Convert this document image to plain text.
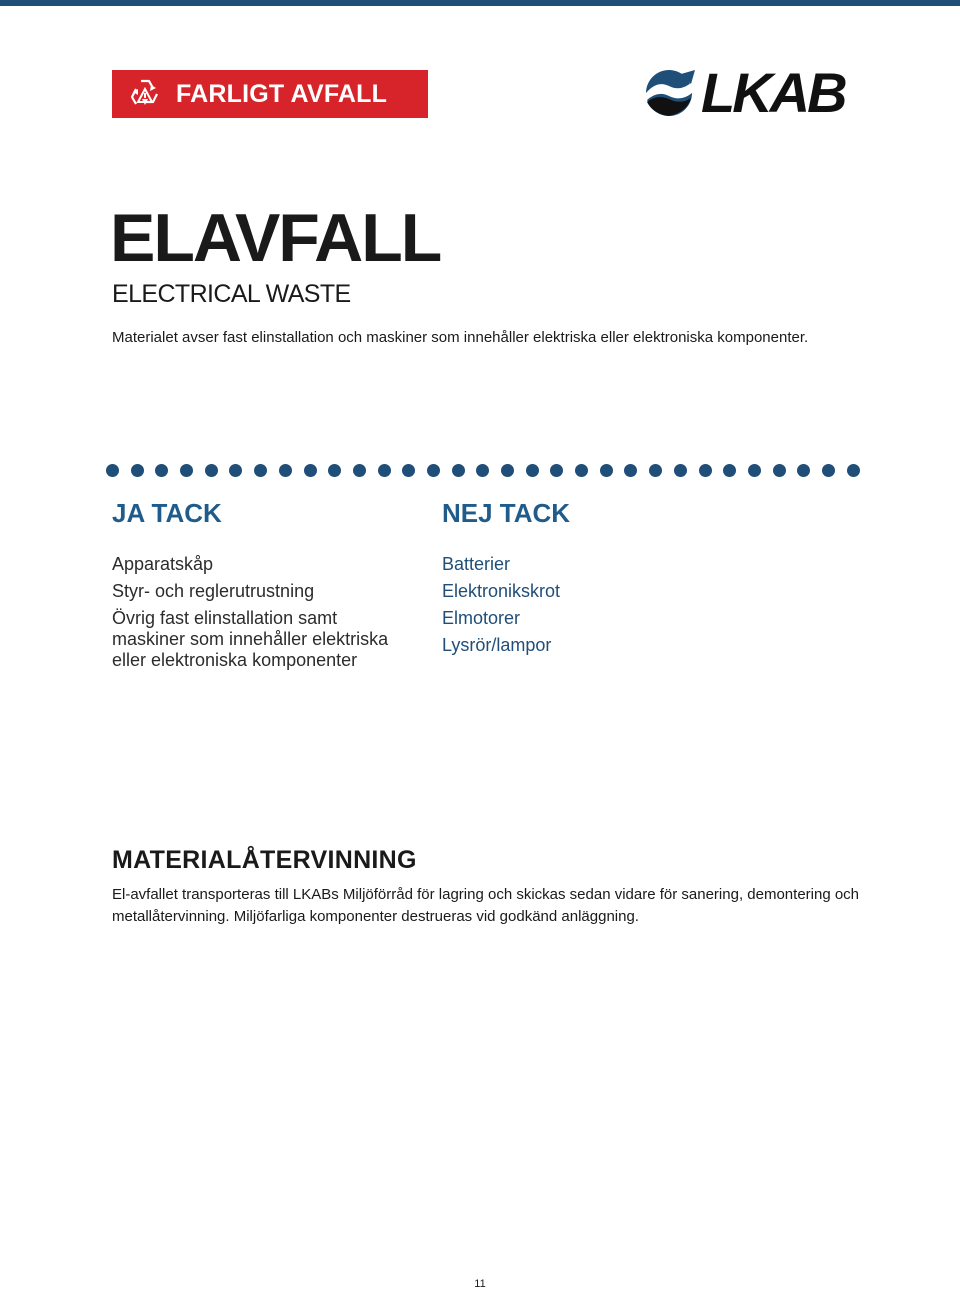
FARLIGT AVFALL	LKAB
ELAVFALL
ELECTRICAL WASTE

Materialet avser fast elinstallation och maskiner som innehåller elektriska eller elektroniska komponenter.

JA TACK
Apparatskåp
Styr- och reglerutrustning
Övrig fast elinstallation samt maskiner som innehåller elektriska eller elektroniska komponenter
NEJ TACK
Batterier
Elektronikskrot
Elmotorer
Lysrör/lampor
MATERIALÅTERVINNING

El-avfallet transporteras till LKABs Miljöförråd för lagring och skickas sedan vidare för sanering, demontering och metallåtervinning. Miljöfarliga komponenter destrueras vid godkänd anläggning.

11
